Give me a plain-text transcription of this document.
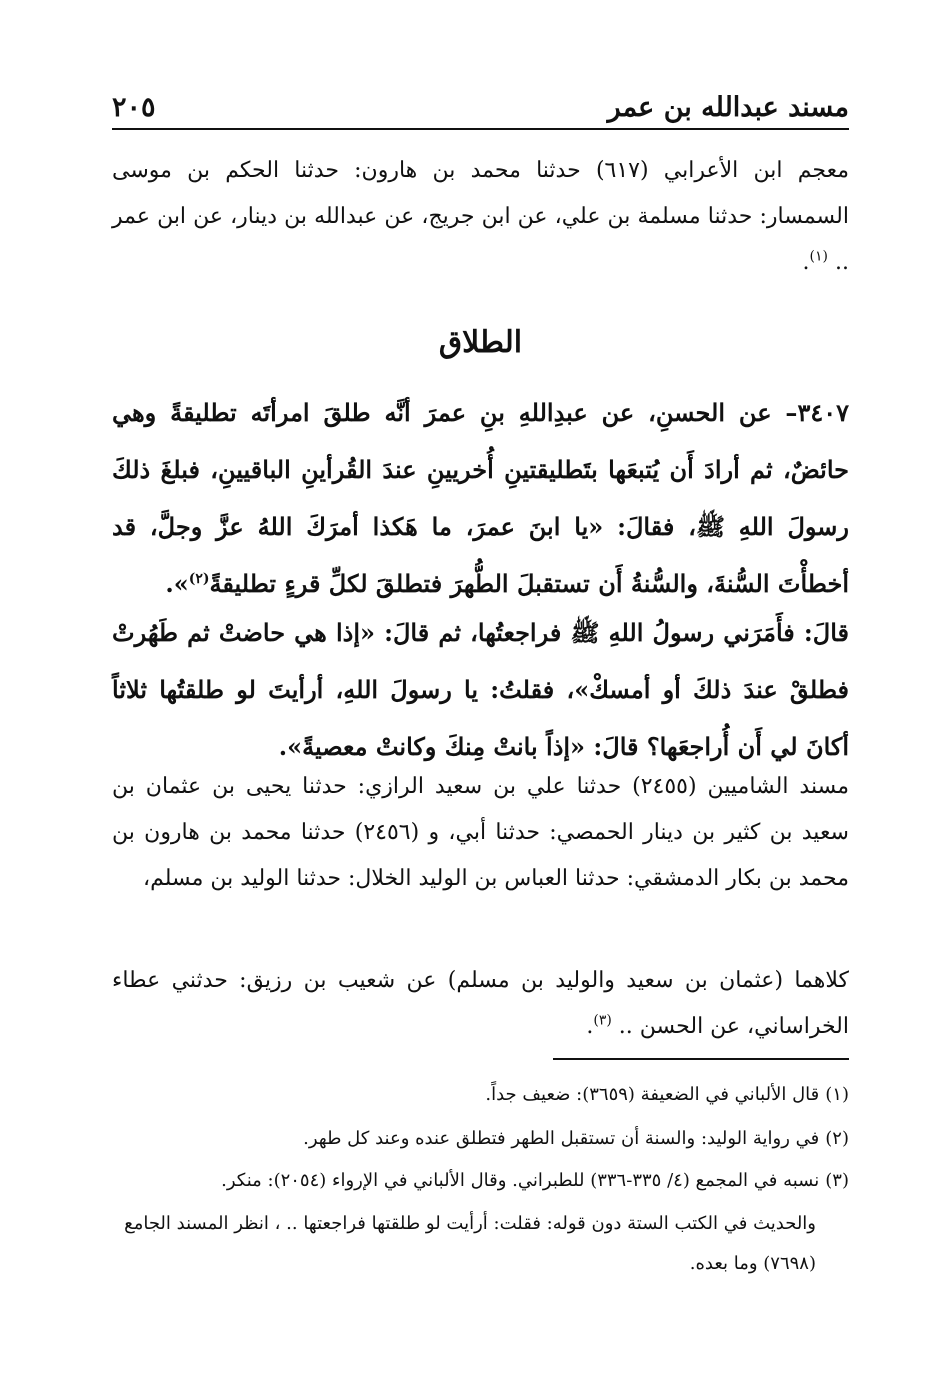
مسند عبدالله بن عمر
٢٠٥

معجم ابن الأعرابي (٦١٧) حدثنا محمد بن هارون: حدثنا الحكم بن موسى السمسار: حدثنا مسلمة بن علي، عن ابن جريج، عن عبدالله بن دينار، عن ابن عمر .. $^{(١)}$.

الطلاق

٣٤٠٧– عن الحسنِ، عن عبدِاللهِ بنِ عمرَ أنَّه طلقَ امرأتَه تطليقةً وهي حائضٌ، ثم أرادَ أَن يُتبعَها بتَطليقتينِ أُخريينِ عندَ القُرأينِ الباقيينِ، فبلغَ ذلكَ رسولَ اللهِ ﷺ، فقالَ: «يا ابنَ عمرَ، ما هَكذا أمرَكَ اللهُ عزَّ وجلَّ، قد أخطأْتَ السُّنةَ، والسُّنةُ أَن تستقبلَ الطُّهرَ فتطلقَ لكلِّ قرءٍ تطليقةً$^{(٢)}$».

قالَ: فأَمَرَني رسولُ اللهِ ﷺ فراجعتُها، ثم قالَ: «إذا هي حاضتْ ثم طَهُرتْ فطلقْ عندَ ذلكَ أو أمسكْ»، فقلتُ: يا رسولَ اللهِ، أرأيتَ لو طلقتُها ثلاثاً أكانَ لي أَن أُراجعَها؟ قالَ: «إذاً بانتْ مِنكَ وكانتْ معصيةً».

مسند الشاميين (٢٤٥٥) حدثنا علي بن سعيد الرازي: حدثنا يحيى بن عثمان بن سعيد بن كثير بن دينار الحمصي: حدثنا أبي، و (٢٤٥٦) حدثنا محمد بن هارون بن محمد بن بكار الدمشقي: حدثنا العباس بن الوليد الخلال: حدثنا الوليد بن مسلم،

كلاهما (عثمان بن سعيد والوليد بن مسلم) عن شعيب بن رزيق: حدثني عطاء الخراساني، عن الحسن .. $^{(٣)}$.

(١)قال الألباني في الضعيفة (٣٦٥٩): ضعيف جداً.
(٢)في رواية الوليد: والسنة أن تستقبل الطهر فتطلق عنده وعند كل طهر.
(٣)نسبه في المجمع (٤/ ٣٣٥-٣٣٦) للطبراني. وقال الألباني في الإرواء (٢٠٥٤): منكر.
والحديث في الكتب الستة دون قوله: فقلت: أرأيت لو طلقتها فراجعتها .. ، انظر المسند الجامع (٧٦٩٨) وما بعده.
